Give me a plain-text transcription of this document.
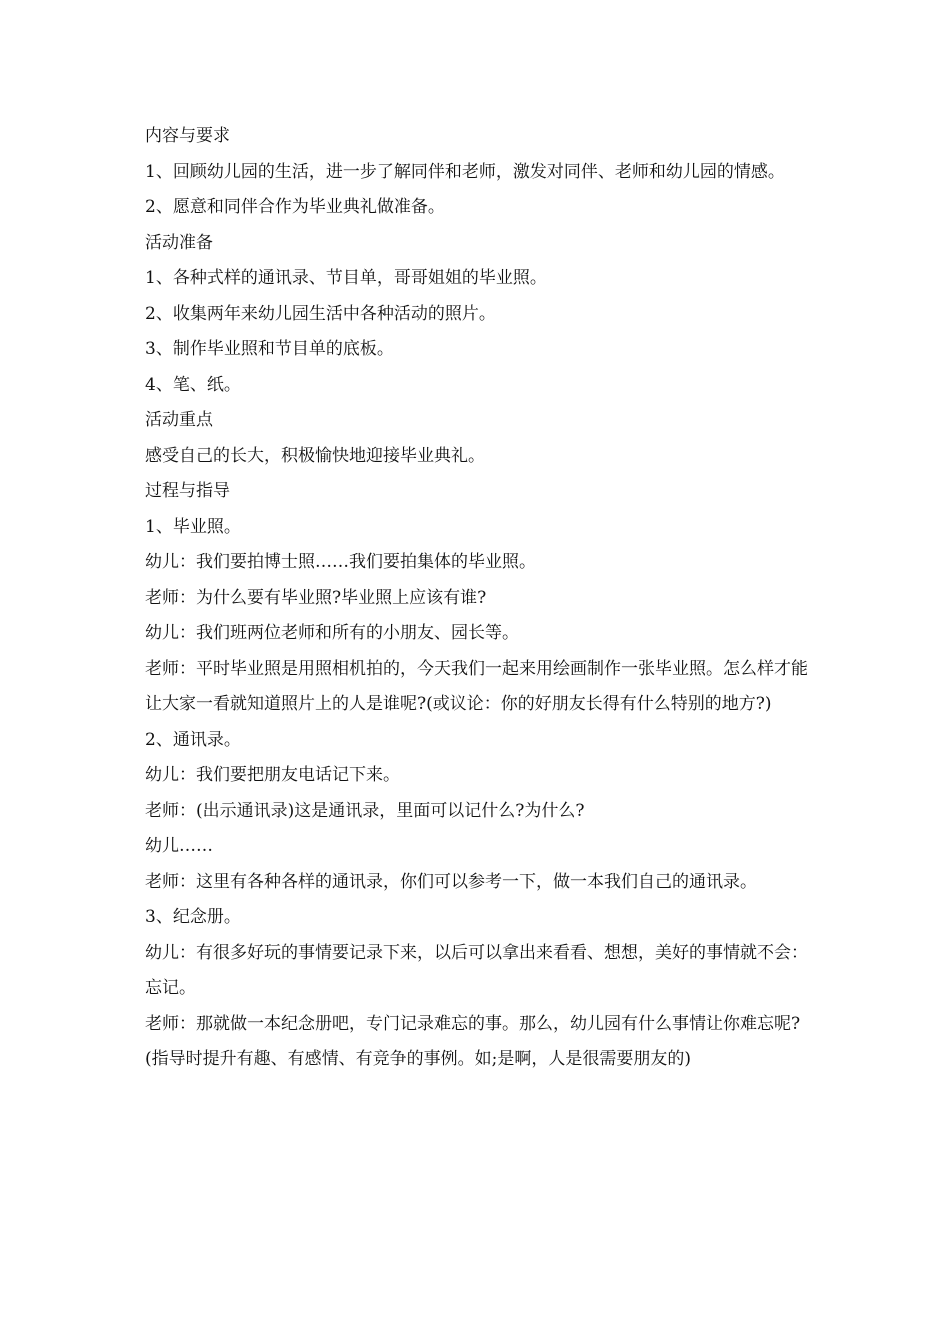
内容与要求

1、回顾幼儿园的生活，进一步了解同伴和老师，激发对同伴、老师和幼儿园的情感。

2、愿意和同伴合作为毕业典礼做准备。

活动准备

1、各种式样的通讯录、节目单，哥哥姐姐的毕业照。

2、收集两年来幼儿园生活中各种活动的照片。

3、制作毕业照和节目单的底板。

4、笔、纸。

活动重点

感受自己的长大，积极愉快地迎接毕业典礼。

过程与指导

1、毕业照。

幼儿：我们要拍博士照……我们要拍集体的毕业照。

老师：为什么要有毕业照?毕业照上应该有谁?

幼儿：我们班两位老师和所有的小朋友、园长等。

老师：平时毕业照是用照相机拍的，今天我们一起来用绘画制作一张毕业照。怎么样才能让大家一看就知道照片上的人是谁呢?(或议论：你的好朋友长得有什么特别的地方?)

2、通讯录。

幼儿：我们要把朋友电话记下来。

老师：(出示通讯录)这是通讯录，里面可以记什么?为什么?

幼儿……

老师：这里有各种各样的通讯录，你们可以参考一下，做一本我们自己的通讯录。

3、纪念册。

幼儿：有很多好玩的事情要记录下来，以后可以拿出来看看、想想，美好的事情就不会：忘记。

老师：那就做一本纪念册吧，专门记录难忘的事。那么，幼儿园有什么事情让你难忘呢?(指导时提升有趣、有感情、有竞争的事例。如;是啊，人是很需要朋友的)
